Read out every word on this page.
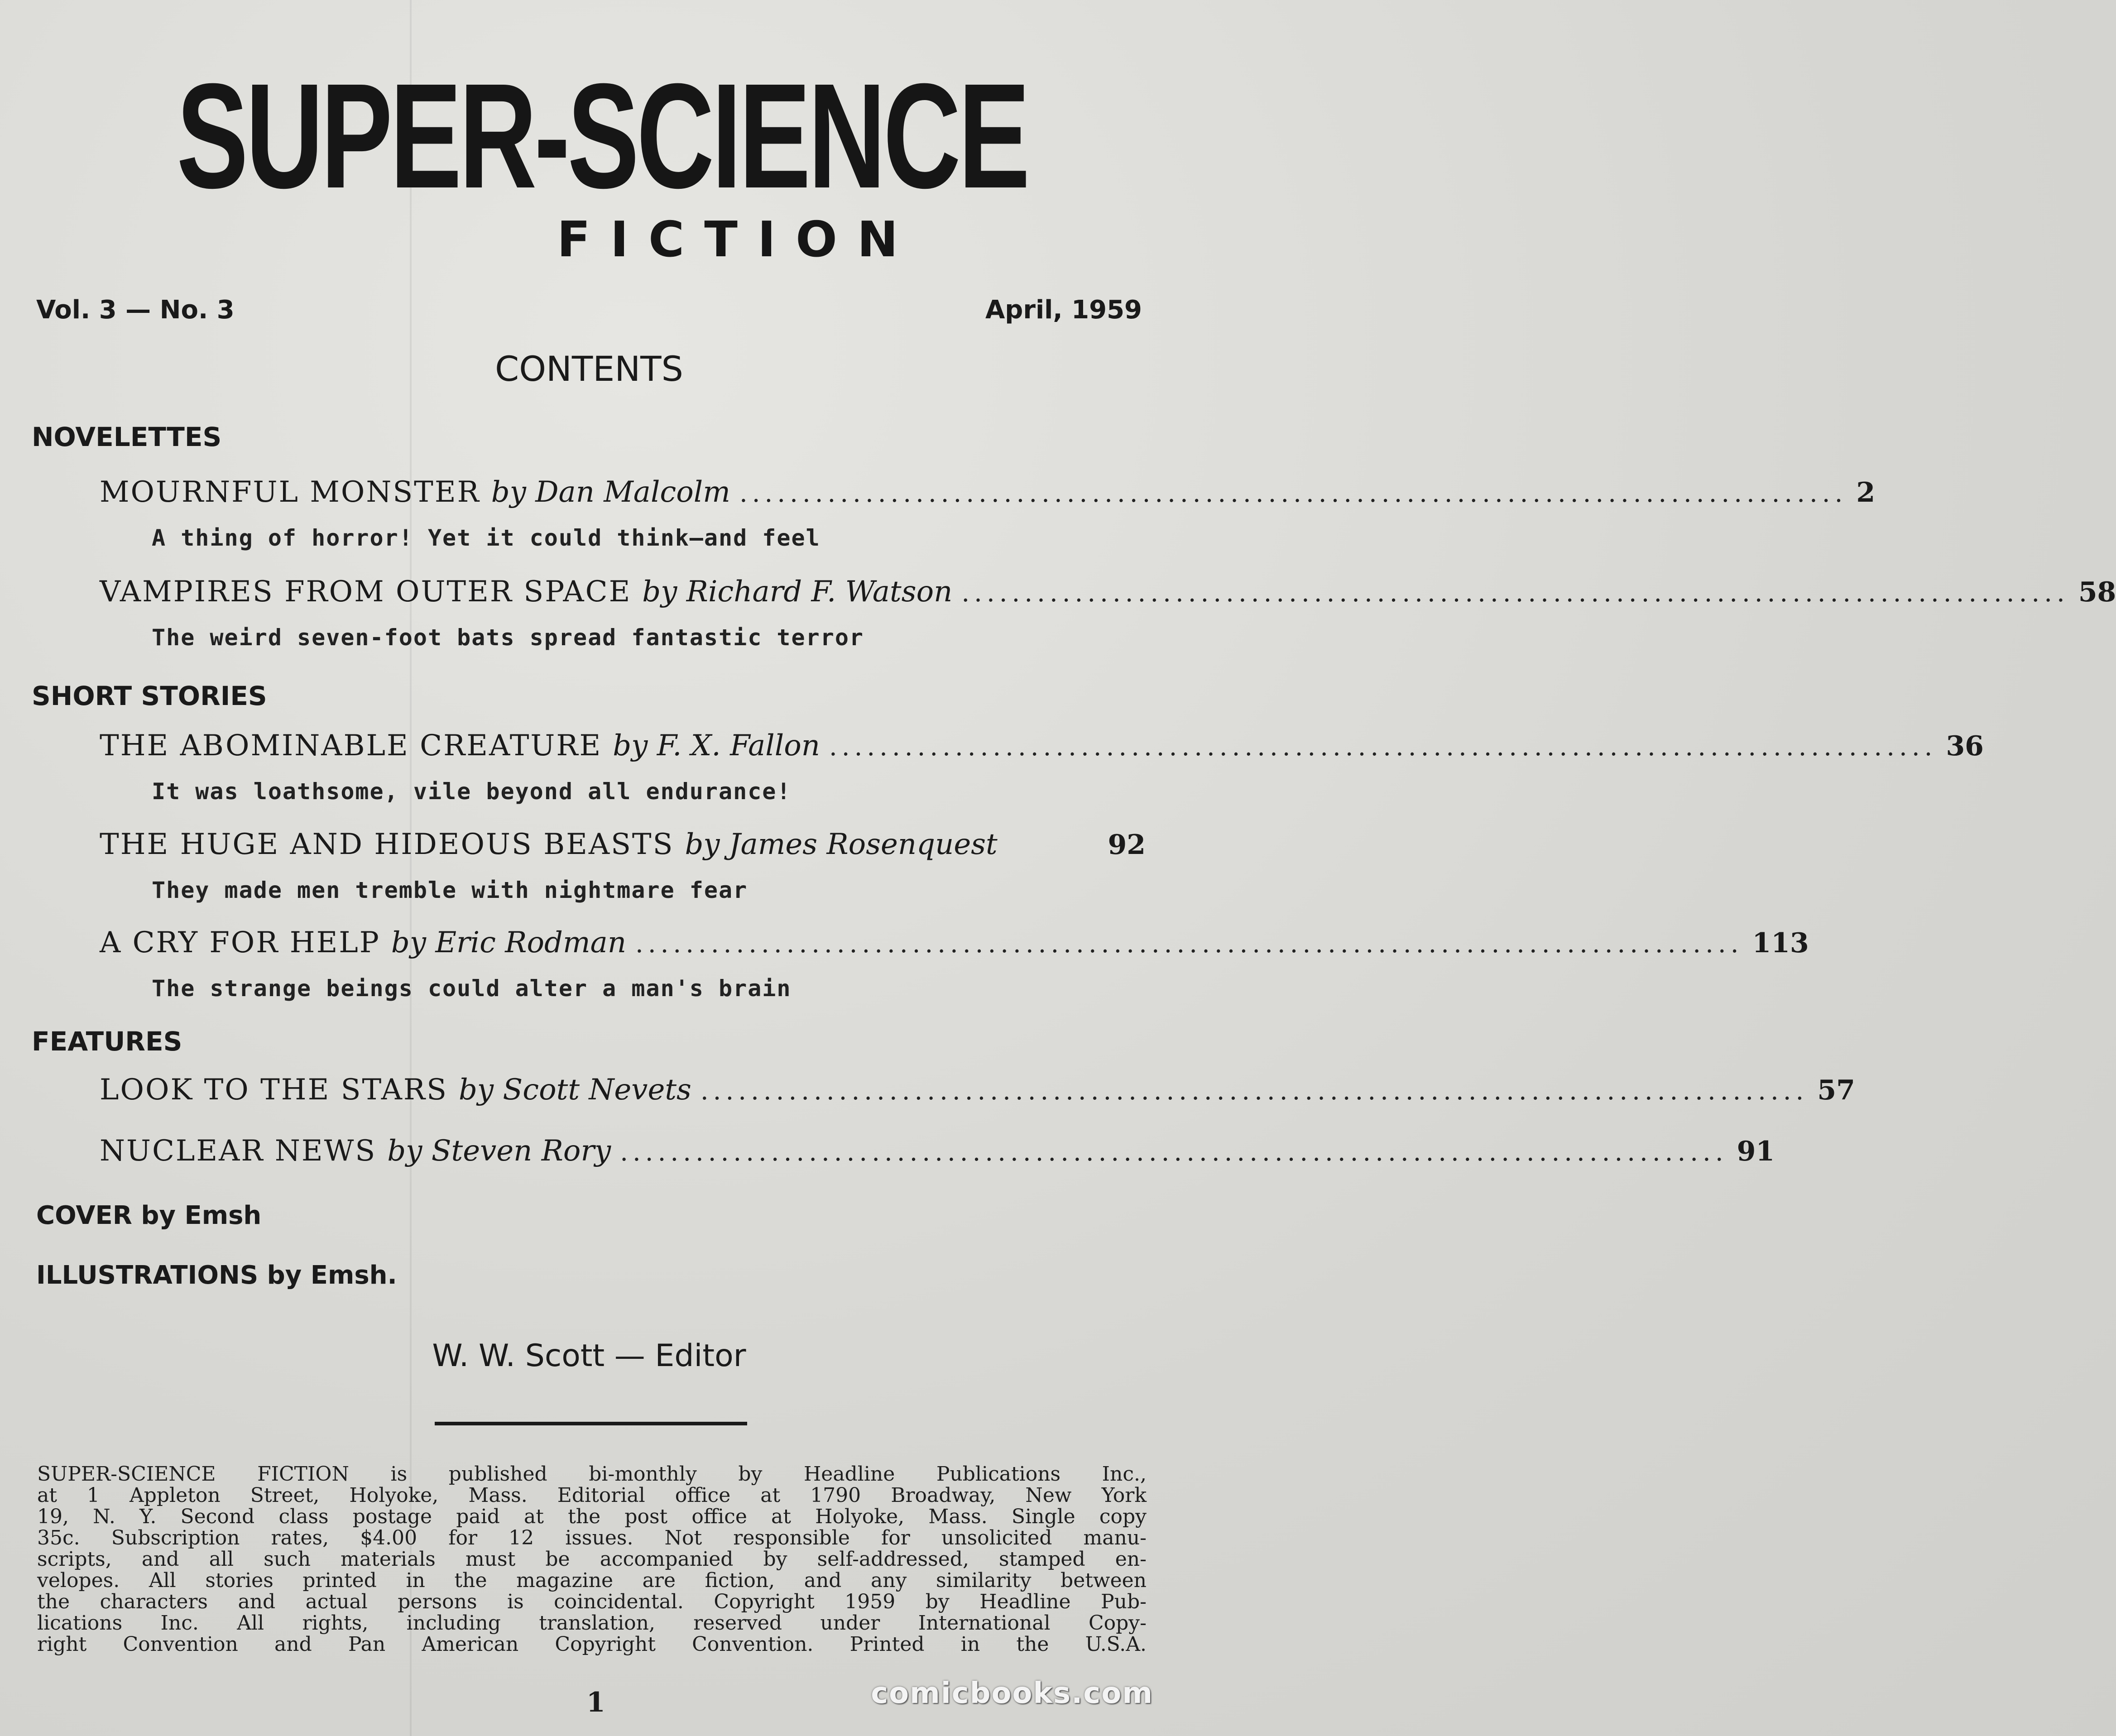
SUPER-SCIENCE
FICTION
Vol. 3 — No. 3	April, 1959
CONTENTS
NOVELETTES
MOURNFUL MONSTER by Dan Malcolm ........................................................................................ 2
A thing of horror! Yet it could think—and feel
VAMPIRES FROM OUTER SPACE by Richard F. Watson ........................................................................................ 58
The weird seven-foot bats spread fantastic terror
SHORT STORIES
THE ABOMINABLE CREATURE by F. X. Fallon ........................................................................................ 36
It was loathsome, vile beyond all endurance!
THE HUGE AND HIDEOUS BEASTS by James Rosenquest	92
They made men tremble with nightmare fear
A CRY FOR HELP by Eric Rodman ........................................................................................ 113
The strange beings could alter a man's brain
FEATURES
LOOK TO THE STARS by Scott Nevets ........................................................................................ 57
NUCLEAR NEWS by Steven Rory ........................................................................................ 91
COVER by Emsh
ILLUSTRATIONS by Emsh.
W. W. Scott — Editor
SUPER-SCIENCE FICTION is published bi-monthly by Headline Publications Inc.,
at 1 Appleton Street, Holyoke, Mass. Editorial office at 1790 Broadway, New York
19, N. Y. Second class postage paid at the post office at Holyoke, Mass. Single copy
35c. Subscription rates, $4.00 for 12 issues. Not responsible for unsolicited manu-
scripts, and all such materials must be accompanied by self-addressed, stamped en-
velopes. All stories printed in the magazine are fiction, and any similarity between
the characters and actual persons is coincidental. Copyright 1959 by Headline Pub-
lications Inc. All rights, including translation, reserved under International Copy-
right Convention and Pan American Copyright Convention. Printed in the U.S.A.
1	comicbooks.com
